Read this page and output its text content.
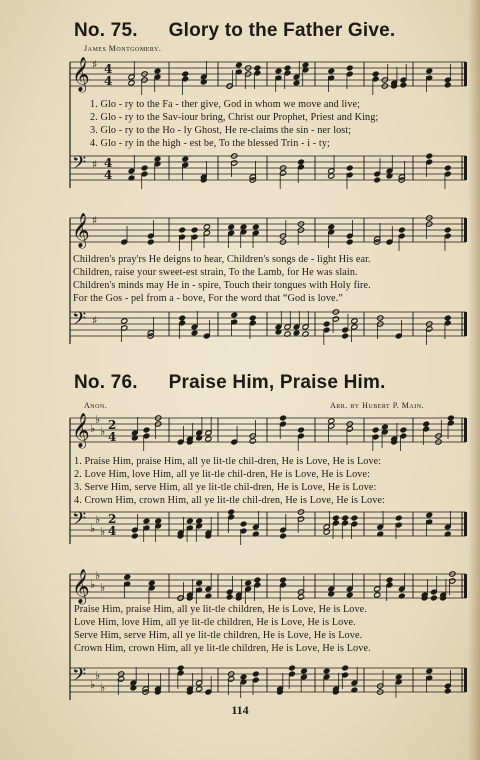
No. 75. Glory to the Father Give.
James Montgomery.
𝄞 ♯ 4
4
𝄢 ♯ 4
4
1. Glo - ry to the Fa - ther give, God in whom we move and live;
2. Glo - ry to the Sav-iour bring, Christ our Prophet, Priest and King;
3. Glo - ry to the Ho - ly Ghost, He re-claims the sin - ner lost;
4. Glo - ry in the high - est be, To the blessed Trin - i - ty;
𝄞 ♯
𝄢 ♯
Children's pray'rs He deigns to hear, Children's songs de - light His ear.
Children, raise your sweet-est strain, To the Lamb, for He was slain.
Children's minds may He in - spire, Touch their tongues with Holy fire.
For the Gos - pel from a - bove, For the word that “God is love.”
No. 76. Praise Him, Praise Him.
Anon.	Arr. by Hubert P. Main.
𝄞 ♭
♭
♭ 2
4
𝄢 ♭
♭
♭
2
4
1. Praise Him, praise Him, all ye lit-tle chil-dren, He is Love, He is Love:
2. Love Him, love Him, all ye lit-tle chil-dren, He is Love, He is Love:
3. Serve Him, serve Him, all ye lit-tle chil-dren, He is Love, He is Love:
4. Crown Him, crown Him, all ye lit-tle chil-dren, He is Love, He is Love:
𝄞 ♭
♭
♭
𝄢 ♭
♭
♭
Praise Him, praise Him, all ye lit-tle children, He is Love, He is Love.
Love Him, love Him, all ye lit-tle children, He is Love, He is Love.
Serve Him, serve Him, all ye lit-tle children, He is Love, He is Love.
Crown Him, crown Him, all ye lit-tle children, He is Love, He is Love.
114
